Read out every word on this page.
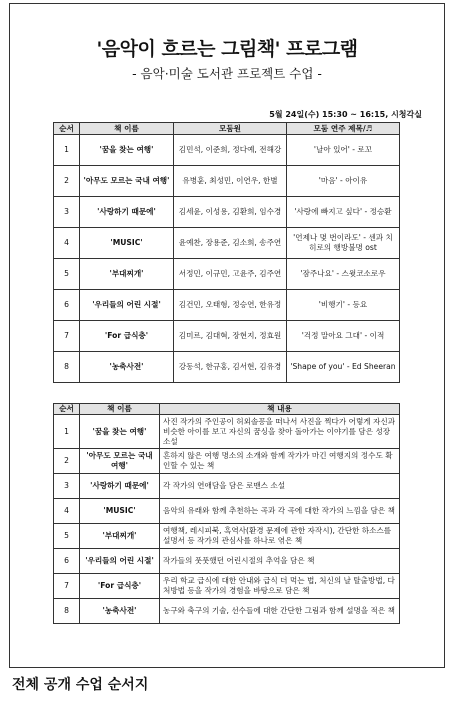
'음악이 흐르는 그림책' 프로그램
- 음악·미술 도서관 프로젝트 수업 -
5월 24일(수) 15:30 ~ 16:15, 시청각실
순서	책 이름	모둠원	모둠 연주 제목/♬
1	'꿈을 찾는 여행'	김민석, 이준희, 정다예, 전해강	'날아 있어' - 로꼬
2	'아무도 모르는 국내 여행'	유병훈, 최성민, 이연우, 한별	'마음' - 아이유
3	'사랑하기 때문에'	김세윤, 이성용, 김환희, 임수경	'사랑에 빠지고 싶다' - 정승환
4	'MUSIC'	윤예찬, 장용준, 김소희, 송주연	'언제나 몇 번이라도' - 센과 치히로의 행방불명 ost
5	'부대찌개'	서정민, 이규민, 고윤주, 김주연	'잠주나요' - 스윗코소로우
6	'우리들의 어린 시절'	김건민, 오태형, 정승연, 한유정	'비행기' - 등요
7	'For 급식충'	김미르, 김대혁, 장현지, 정효원	'걱정 말아요 그대' - 이적
8	'농축사전'	강동석, 한규홍, 김서현, 김유경	'Shape of you' - Ed Sheeran
순서	책 이름	책 내용
1	'꿈을 찾는 여행'	사진 작가의 주인공이 허외솔꽁을 떠나서 사진을 찍다가 어렇게 자신과 비슷한 아이를 보고 자신의 꿈싱을 찾아 돌아가는 이야기를 담은 성장소설
2	'아무도 모르는 국내 여행'	흔하지 않은 여행 명소의 소개와 함께 작가가 마긴 여행지의 정수도 확인할 수 있는 책
3	'사랑하기 때문에'	각 작가의 연애담을 담은 로맨스 소설
4	'MUSIC'	음악의 유래와 함께 추천하는 곡과 각 곡에 대한 작가의 느낌을 담은 책
5	'부대찌개'	여행책, 레시피북, 흑역사(환경 문제에 관한 자작시), 간단한 하소스를 설명서 등 작가의 관심사를 하나로 엮은 책
6	'우리들의 어린 시절'	작가들의 풋풋했던 어린시절의 추억을 담은 책
7	'For 급식충'	우리 학교 급식에 대한 안내와 급식 더 먹는 법, 처신의 날 탈출방법, 다처방법 등을 작가의 경험을 바탕으로 담은 책
8	'농축사전'	농구와 축구의 기술, 선수들에 대한 간단한 그림과 함께 설명을 적은 책
전체 공개 수업 순서지
